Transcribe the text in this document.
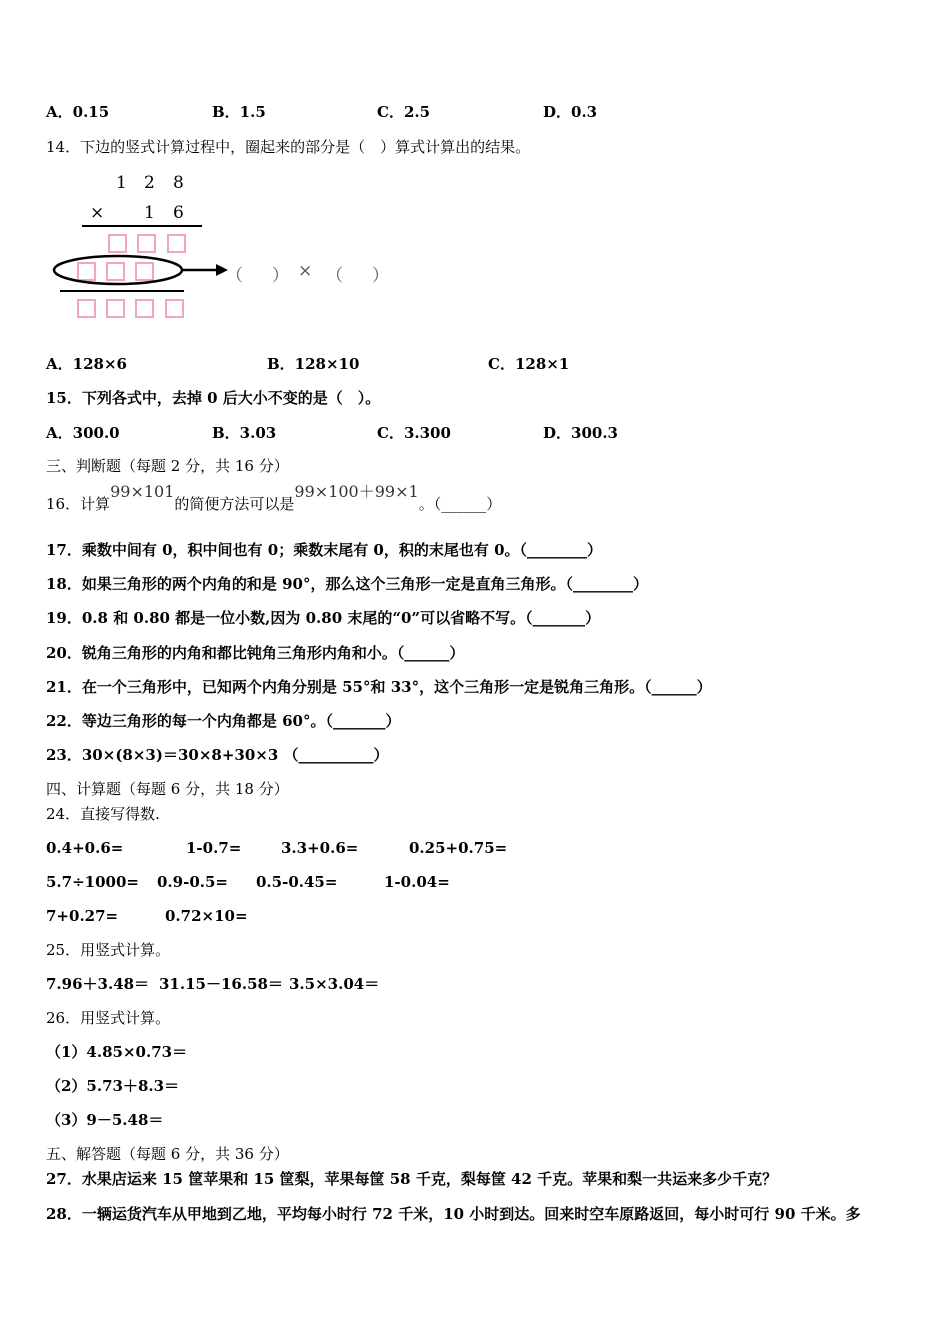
A．0.15	B．1.5	C．2.5	D．0.3
14．下边的竖式计算过程中，圈起来的部分是（　）算式计算出的结果。
1 2 8
× 1 6
（ ） × （ ）
A．128×6	B．128×10	C．128×1
15．下列各式中，去掉 0 后大小不变的是（　）。
A．300.0	B．3.03	C．3.300	D．300.3
三、判断题（每题 2 分，共 16 分）
16．计算99×101的简便方法可以是99×100＋99×1。（______）
17．乘数中间有 0，积中间也有 0；乘数末尾有 0，积的末尾也有 0。（________）
18．如果三角形的两个内角的和是 90°，那么这个三角形一定是直角三角形。（________）
19．0.8 和 0.80 都是一位小数,因为 0.80 末尾的“0”可以省略不写。（_______）
20．锐角三角形的内角和都比钝角三角形内角和小。（______）
21．在一个三角形中，已知两个内角分别是 55°和 33°，这个三角形一定是锐角三角形。（______）
22．等边三角形的每一个内角都是 60°。（_______）
23．30×(8×3)＝30×8+30×3 （__________）
四、计算题（每题 6 分，共 18 分）
24．直接写得数.
0.4+0.6=	1-0.7=	3.3+0.6=	0.25+0.75=
5.7÷1000= 0.9-0.5= 0.5-0.45=	1-0.04=
7+0.27=	0.72×10=
25．用竖式计算。
7.96＋3.48＝ 31.15－16.58＝ 3.5×3.04＝
26．用竖式计算。
（1）4.85×0.73＝
（2）5.73＋8.3＝
（3）9－5.48＝
五、解答题（每题 6 分，共 36 分）
27．水果店运来 15 筐苹果和 15 筐梨，苹果每筐 58 千克，梨每筐 42 千克。苹果和梨一共运来多少千克？
28．一辆运货汽车从甲地到乙地，平均每小时行 72 千米，10 小时到达。回来时空车原路返回，每小时可行 90 千米。多
